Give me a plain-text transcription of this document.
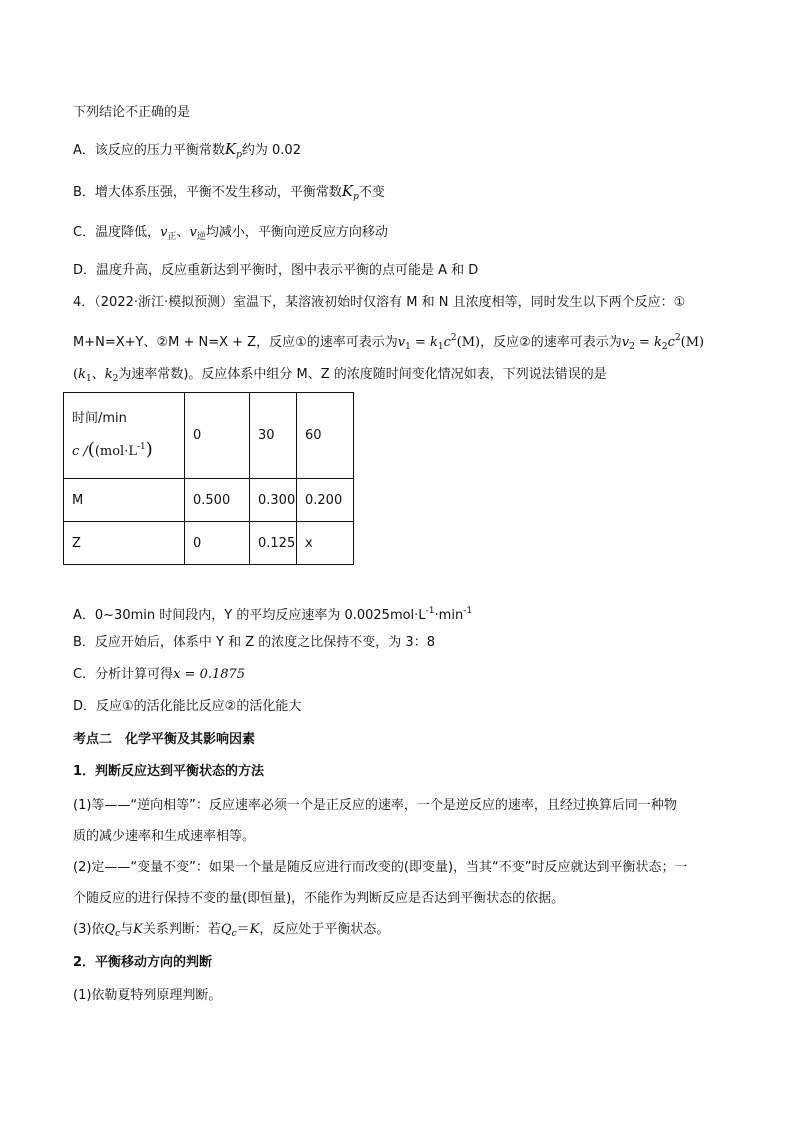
下列结论不正确的是
A．该反应的压力平衡常数$K_p$约为 0.02
B．增大体系压强，平衡不发生移动，平衡常数$K_p$不变
C．温度降低，$v_正$、$v_逆$均减小，平衡向逆反应方向移动
D．温度升高，反应重新达到平衡时，图中表示平衡的点可能是 A 和 D
4．（2022·浙江·模拟预测）室温下，某溶液初始时仅溶有 M 和 N 且浓度相等，同时发生以下两个反应：①
M+N=X+Y、②M + N=X + Z，反应①的速率可表示为$v_1 = k_1c^2(M)$，反应②的速率可表示为$v_2 = k_2c^2(M)$
($k_1$、$k_2$为速率常数)。反应体系中组分 M、Z 的浓度随时间变化情况如表，下列说法错误的是
时间/min
c $/((mol\cdot L^{-1})$	0	30	60
M	0.500	0.300	0.200
Z	0	0.125	x
A．0~30min 时间段内，Y 的平均反应速率为 $0.0025mol\cdot L^{-1}\cdot\min^{-1}$
B．反应开始后，体系中 Y 和 Z 的浓度之比保持不变，为 3：8
C．分析计算可得x = 0.1875
D．反应①的活化能比反应②的活化能大
考点二　化学平衡及其影响因素
1．判断反应达到平衡状态的方法
(1)等——“逆向相等”：反应速率必须一个是正反应的速率，一个是逆反应的速率，且经过换算后同一种物
质的减少速率和生成速率相等。
(2)定——“变量不变”：如果一个量是随反应进行而改变的(即变量)，当其“不变”时反应就达到平衡状态；一
个随反应的进行保持不变的量(即恒量)，不能作为判断反应是否达到平衡状态的依据。
(3)依$Q_c$与K关系判断：若$Q_c=K$，反应处于平衡状态。
2．平衡移动方向的判断
(1)依勒夏特列原理判断。
